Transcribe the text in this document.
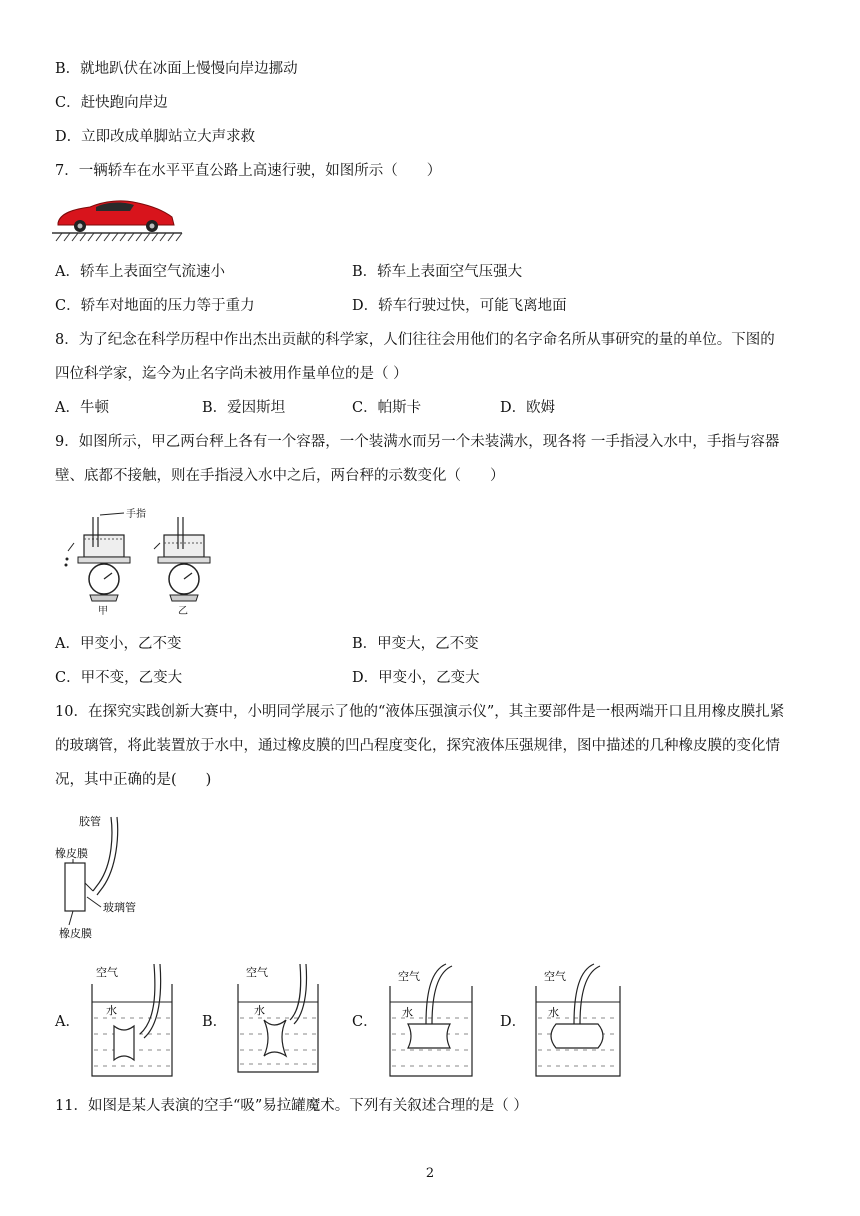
B．就地趴伏在冰面上慢慢向岸边挪动
C．赶快跑向岸边
D．立即改成单脚站立大声求救
7．一辆轿车在水平平直公路上高速行驶，如图所示（　　）
A．轿车上表面空气流速小	B．轿车上表面空气压强大
C．轿车对地面的压力等于重力	D．轿车行驶过快，可能飞离地面
8．为了纪念在科学历程中作出杰出贡献的科学家，人们往往会用他们的名字命名所从事研究的量的单位。下图的
四位科学家，迄今为止名字尚未被用作量单位的是（ ）
A．牛顿	B．爱因斯坦	C．帕斯卡	D．欧姆
9．如图所示，甲乙两台秤上各有一个容器，一个装满水而另一个未装满水，现各将 一手指浸入水中，手指与容器
壁、底都不接触，则在手指浸入水中之后，两台秤的示数变化（　　）
手指
甲	乙
A．甲变小，乙不变	B．甲变大，乙不变
C．甲不变，乙变大	D．甲变小，乙变大
10．在探究实践创新大赛中，小明同学展示了他的“液体压强演示仪”，其主要部件是一根两端开口且用橡皮膜扎紧
的玻璃管，将此装置放于水中，通过橡皮膜的凹凸程度变化，探究液体压强规律，图中描述的几种橡皮膜的变化情
况，其中正确的是(　　)
胶管
橡皮膜
玻璃管
橡皮膜
A．
空气
水
B．
空气
水
C．
空气
水
D．
空气
水
11．如图是某人表演的空手“吸”易拉罐魔术。下列有关叙述合理的是（ ）
2
